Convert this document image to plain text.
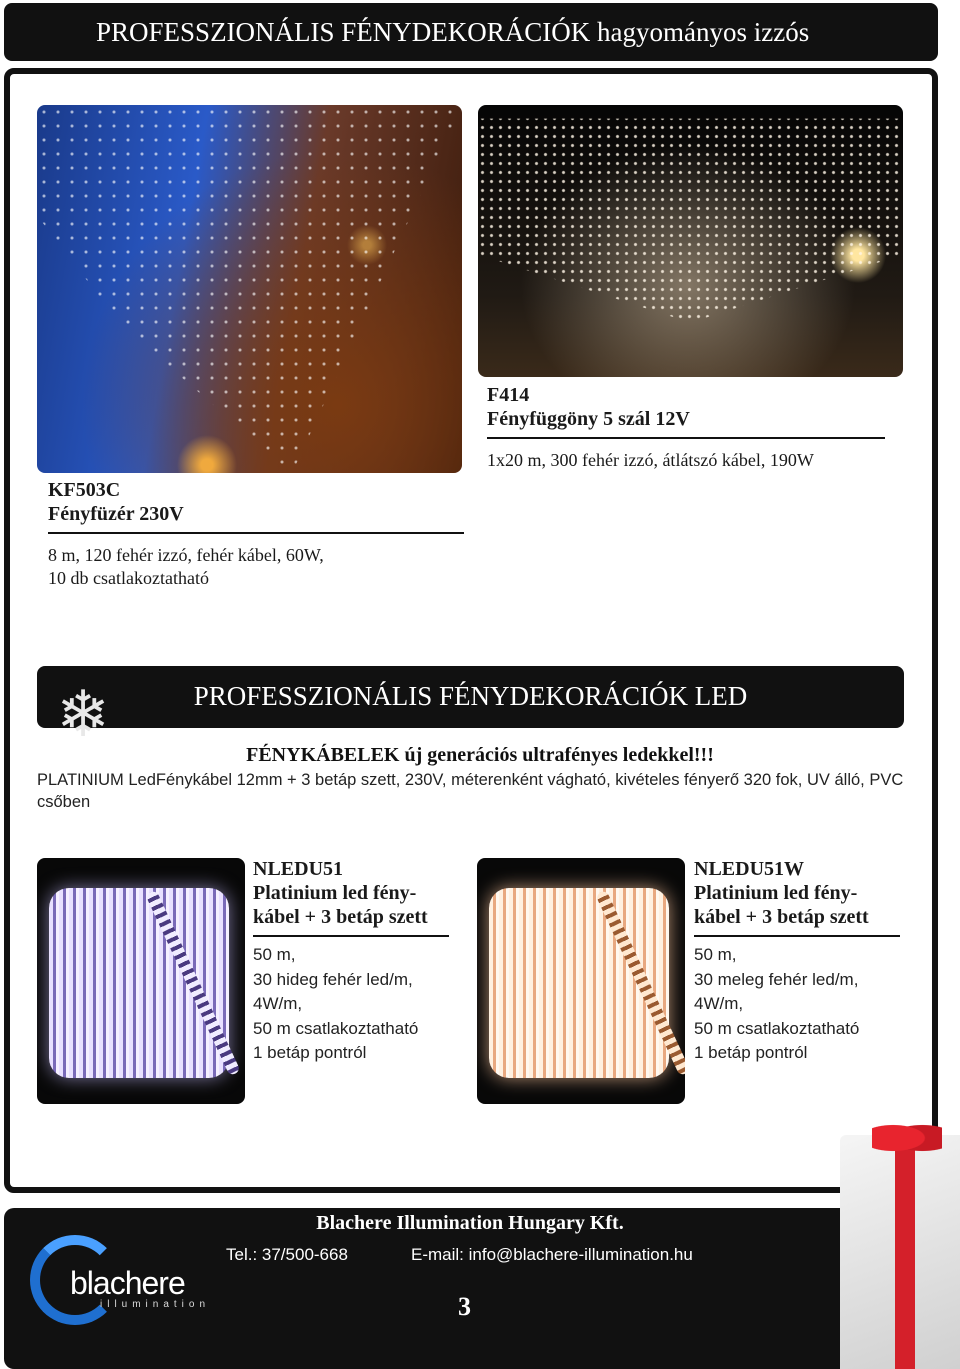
PROFESSZIONÁLIS FÉNYDEKORÁCIÓK hagyományos izzós
KF503C
Fényfüzér 230V
8 m, 120 fehér izzó, fehér kábel, 60W,
10 db csatlakoztatható
F414
Fényfüggöny 5 szál 12V
1x20 m, 300 fehér izzó, átlátszó kábel, 190W
PROFESSZIONÁLIS FÉNYDEKORÁCIÓK LED
❄
FÉNYKÁBELEK új generációs ultrafényes ledekkel!!!
PLATINIUM LedFénykábel 12mm + 3 betáp szett, 230V, méterenként vágható, kivételes fényerő 320 fok, UV álló, PVC csőben
NLEDU51
Platinium led fény-
kábel + 3 betáp szett
50 m,
30 hideg fehér led/m,
4W/m,
50 m csatlakoztatható
1 betáp pontról
NLEDU51W
Platinium led fény-
kábel + 3 betáp szett
50 m,
30 meleg fehér led/m,
4W/m,
50 m csatlakoztatható
1 betáp pontról
Blachere Illumination Hungary Kft.
Tel.: 37/500-668	E-mail: info@blachere-illumination.hu
3
blachere
illumination
